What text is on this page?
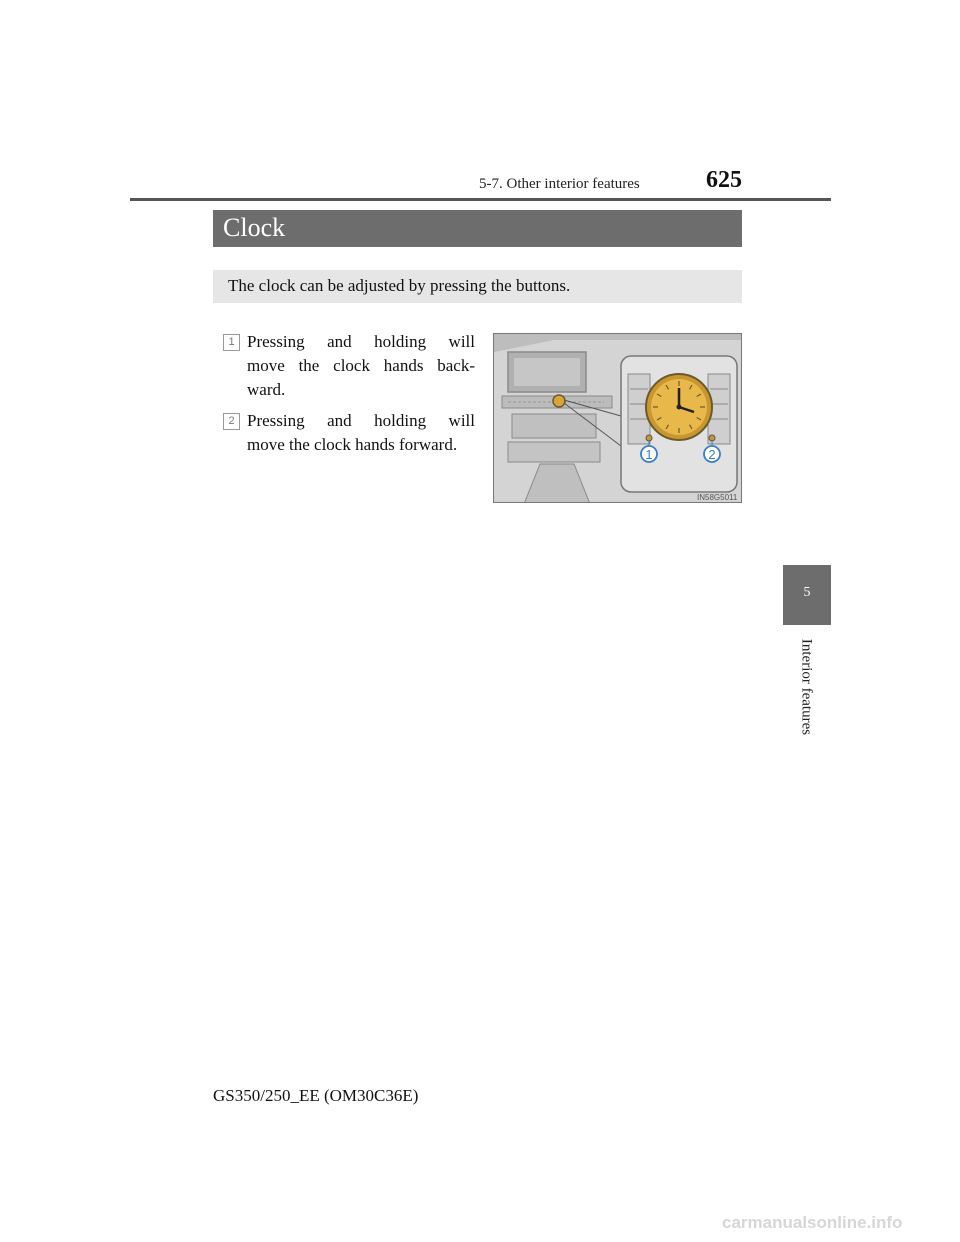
5-7. Other interior features	625
Clock
The clock can be adjusted by pressing the buttons.
1 Pressing and holding will
move the clock hands back-
ward.
2 Pressing and holding will
move the clock hands forward.
1	2
IN58G5011
5
Interior features
GS350/250_EE (OM30C36E)
carmanualsonline.info
